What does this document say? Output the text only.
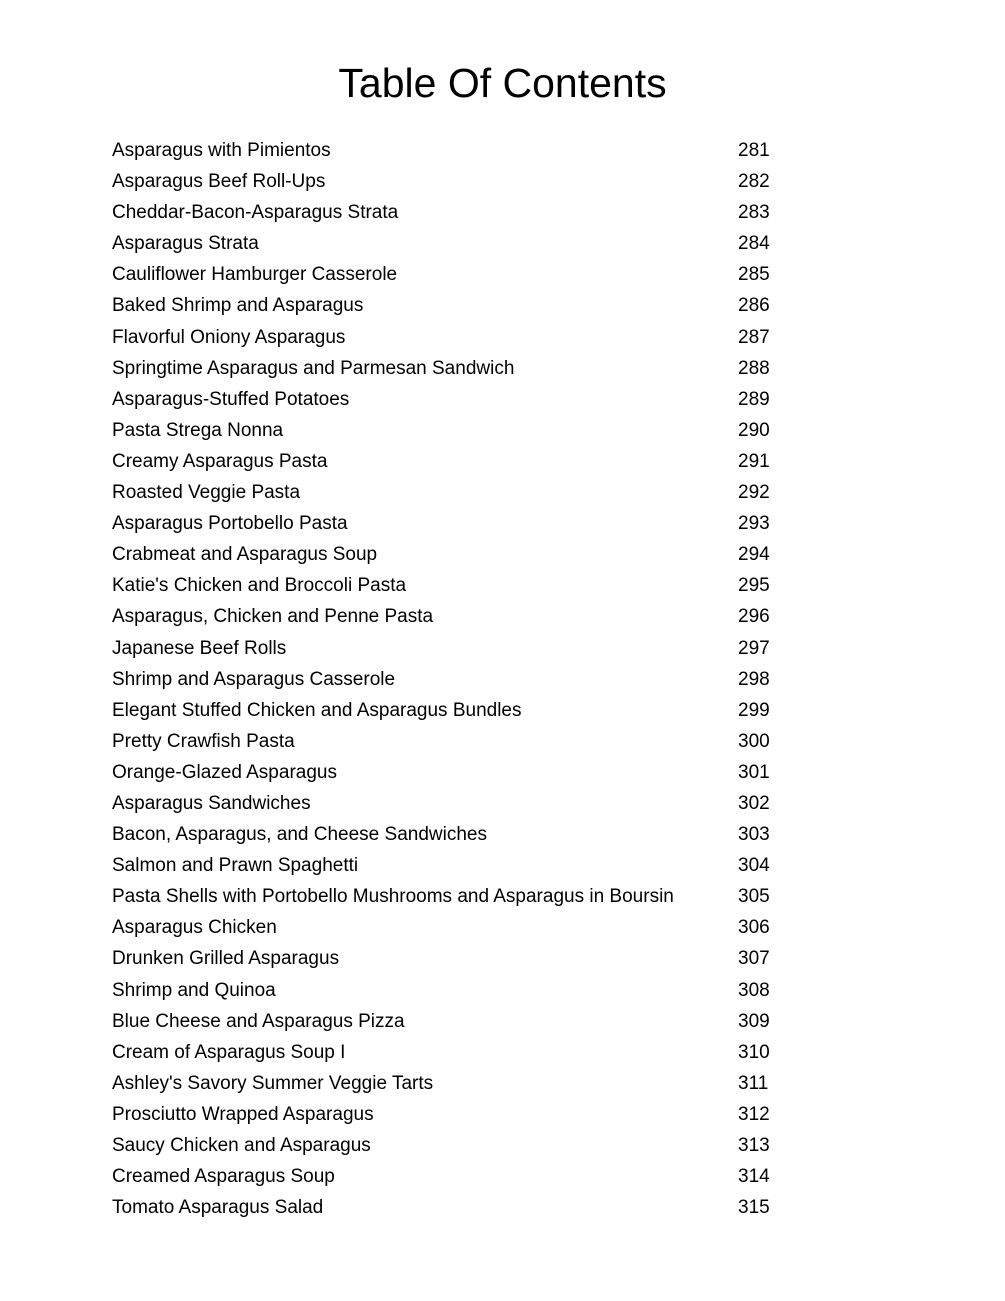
Table Of Contents
Asparagus with Pimientos	281
Asparagus Beef Roll-Ups	282
Cheddar-Bacon-Asparagus Strata	283
Asparagus Strata	284
Cauliflower Hamburger Casserole	285
Baked Shrimp and Asparagus	286
Flavorful Oniony Asparagus	287
Springtime Asparagus and Parmesan Sandwich	288
Asparagus-Stuffed Potatoes	289
Pasta Strega Nonna	290
Creamy Asparagus Pasta	291
Roasted Veggie Pasta	292
Asparagus Portobello Pasta	293
Crabmeat and Asparagus Soup	294
Katie's Chicken and Broccoli Pasta	295
Asparagus, Chicken and Penne Pasta	296
Japanese Beef Rolls	297
Shrimp and Asparagus Casserole	298
Elegant Stuffed Chicken and Asparagus Bundles	299
Pretty Crawfish Pasta	300
Orange-Glazed Asparagus	301
Asparagus Sandwiches	302
Bacon, Asparagus, and Cheese Sandwiches	303
Salmon and Prawn Spaghetti	304
Pasta Shells with Portobello Mushrooms and Asparagus in Boursin	305
Asparagus Chicken	306
Drunken Grilled Asparagus	307
Shrimp and Quinoa	308
Blue Cheese and Asparagus Pizza	309
Cream of Asparagus Soup I	310
Ashley's Savory Summer Veggie Tarts	311
Prosciutto Wrapped Asparagus	312
Saucy Chicken and Asparagus	313
Creamed Asparagus Soup	314
Tomato Asparagus Salad	315
